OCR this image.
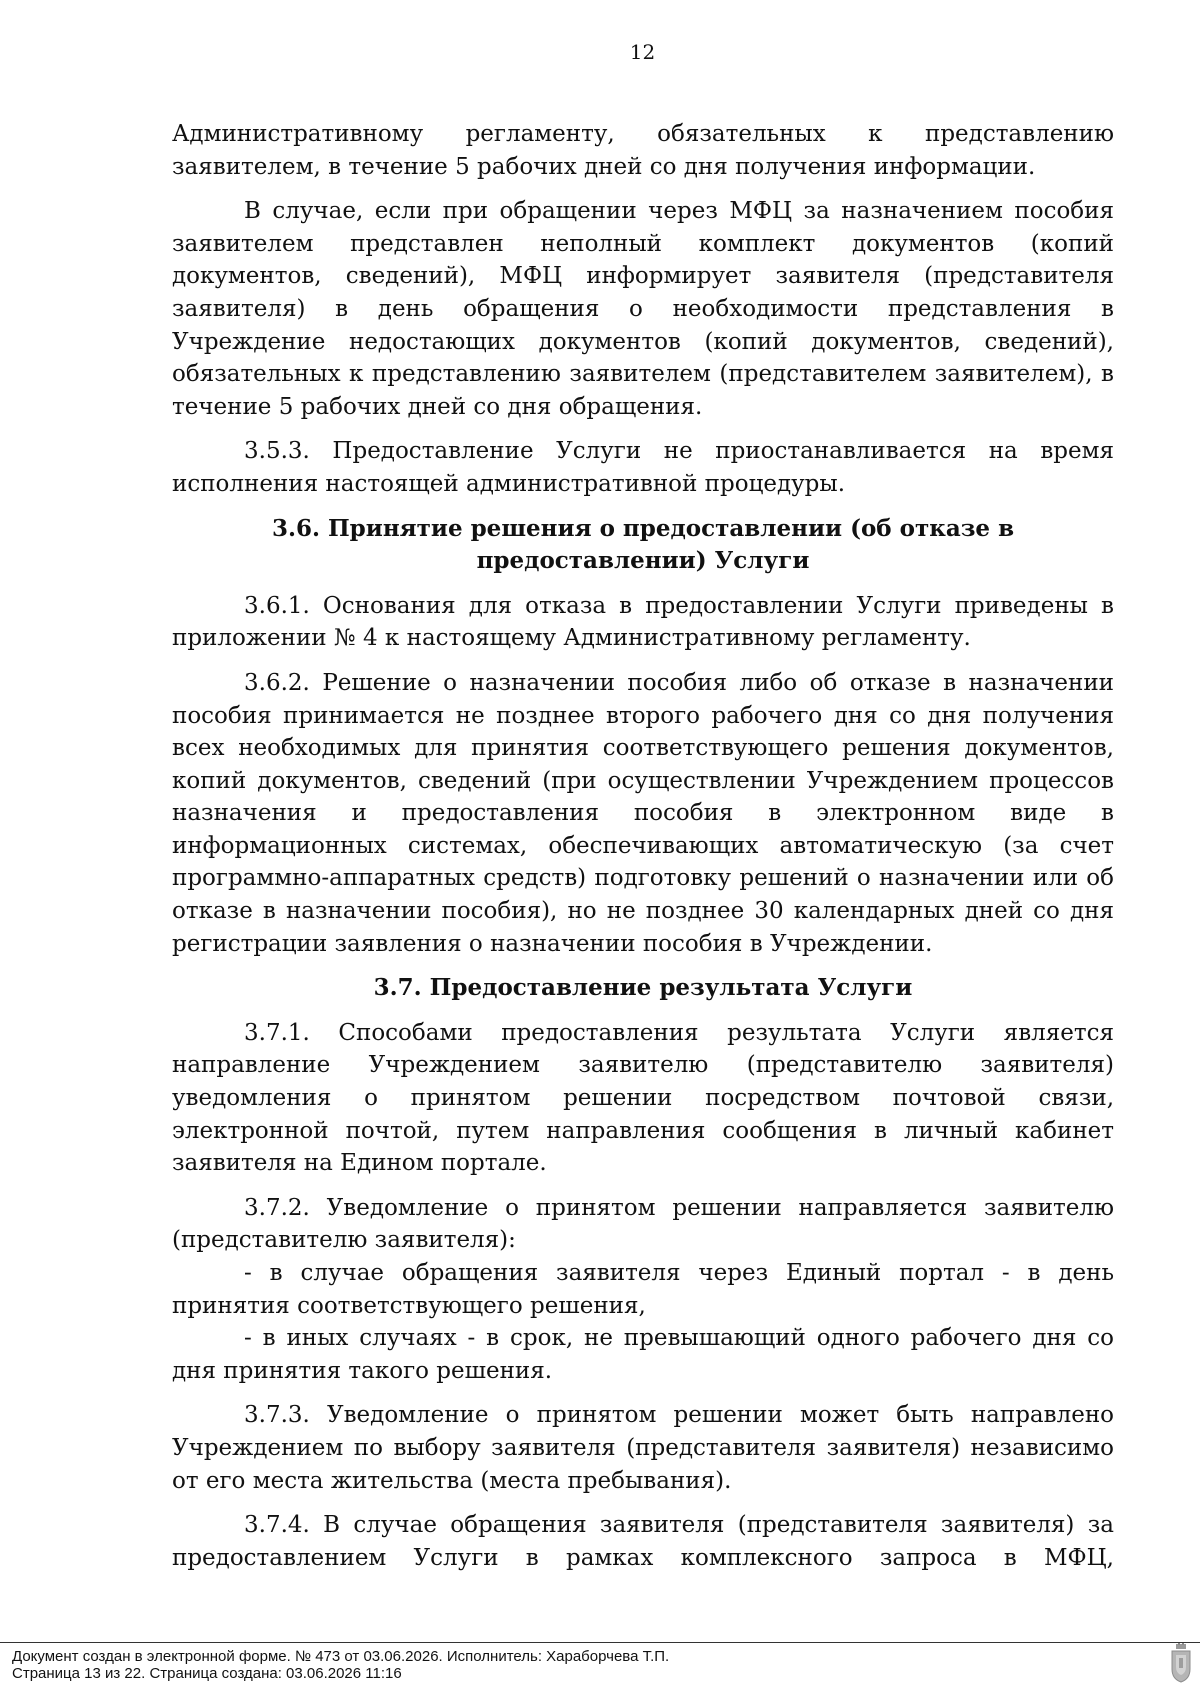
12

Административному регламенту, обязательных к представлению заявителем, в течение 5 рабочих дней со дня получения информации.

В случае, если при обращении через МФЦ за назначением пособия заявителем представлен неполный комплект документов (копий документов, сведений), МФЦ информирует заявителя (представителя заявителя) в день обращения о необходимости представления в Учреждение недостающих документов (копий документов, сведений), обязательных к представлению заявителем (представителем заявителем), в течение 5 рабочих дней со дня обращения.

3.5.3. Предоставление Услуги не приостанавливается на время исполнения настоящей административной процедуры.

3.6. Принятие решения о предоставлении (об отказе в предоставлении) Услуги

3.6.1. Основания для отказа в предоставлении Услуги приведены в приложении № 4 к настоящему Административному регламенту.

3.6.2. Решение о назначении пособия либо об отказе в назначении пособия принимается не позднее второго рабочего дня со дня получения всех необходимых для принятия соответствующего решения документов, копий документов, сведений (при осуществлении Учреждением процессов назначения и предоставления пособия в электронном виде в информационных системах, обеспечивающих автоматическую (за счет программно-аппаратных средств) подготовку решений о назначении или об отказе в назначении пособия), но не позднее 30 календарных дней со дня регистрации заявления о назначении пособия в Учреждении.

3.7. Предоставление результата Услуги

3.7.1. Способами предоставления результата Услуги является направление Учреждением заявителю (представителю заявителя) уведомления о принятом решении посредством почтовой связи, электронной почтой, путем направления сообщения в личный кабинет заявителя на Едином портале.

3.7.2. Уведомление о принятом решении направляется заявителю (представителю заявителя):

- в случае обращения заявителя через Единый портал - в день принятия соответствующего решения,

- в иных случаях - в срок, не превышающий одного рабочего дня со дня принятия такого решения.

3.7.3. Уведомление о принятом решении может быть направлено Учреждением по выбору заявителя (представителя заявителя) независимо от его места жительства (места пребывания).

3.7.4. В случае обращения заявителя (представителя заявителя) за предоставлением Услуги в рамках комплексного запроса в МФЦ,

Документ создан в электронной форме. № 473 от 03.06.2026. Исполнитель: Хараборчева Т.П.
Страница 13 из 22. Страница создана: 03.06.2026 11:16
